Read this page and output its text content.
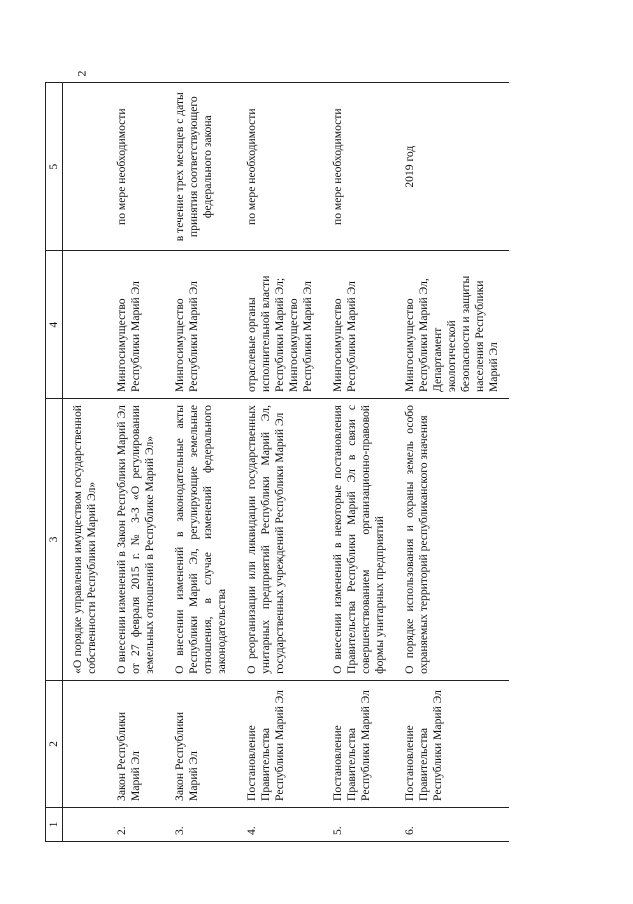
2
1	2	3	4	5
		«О порядке управления имуществом государственной собственности Республики Марий Эл»		
2.	Закон Республики Марий Эл	О внесении изменений в Закон Республики Марий Эл от 27 февраля 2015 г. № 3-З «О регулировании земельных отношений в Республике Марий Эл»	Мингосимущество Республики Марий Эл	по мере необходимости
3.	Закон Республики Марий Эл	О внесении изменений в законодательные акты Республики Марий Эл, регулирующие земельные отношения, в случае изменений федерального законодательства	Мингосимущество Республики Марий Эл	в течение трех месяцев с даты принятия соответствующего федерального закона
4.	Постановление Правительства Республики Марий Эл	О реорганизации или ликвидации государственных унитарных предприятий Республики Марий Эл, государственных учреждений Республики Марий Эл	отраслевые органы исполнительной власти Республики Марий Эл; Мингосимущество Республики Марий Эл	по мере необходимости
5.	Постановление Правительства Республики Марий Эл	О внесении изменений в некоторые постановления Правительства Республики Марий Эл в связи с совершенствованием организационно-правовой формы унитарных предприятий	Мингосимущество Республики Марий Эл	по мере необходимости
6.	Постановление Правительства Республики Марий Эл	О порядке использования и охраны земель особо охраняемых территорий республиканского значения	Мингосимущество Республики Марий Эл, Департамент экологической безопасности и защиты населения Республики Марий Эл	2019 год
